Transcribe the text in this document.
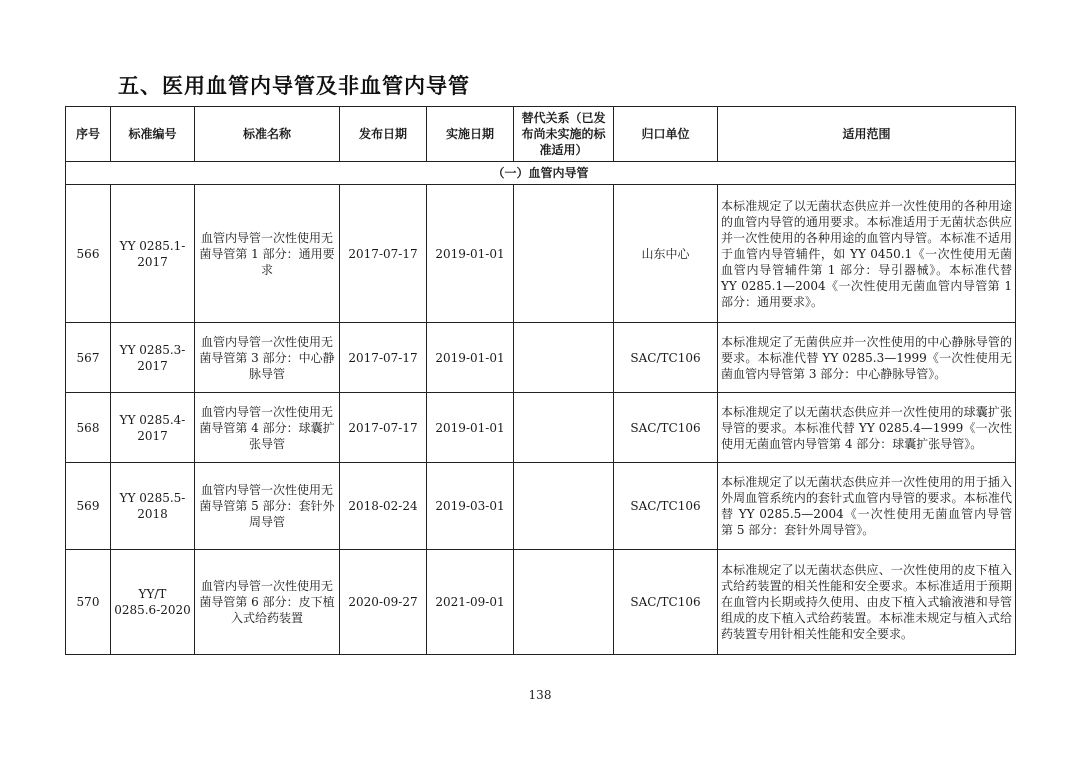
五、医用血管内导管及非血管内导管
序号	标准编号	标准名称	发布日期	实施日期	替代关系（已发布尚未实施的标准适用）	归口单位	适用范围
（一）血管内导管							
566	YY 0285.1-2017	血管内导管一次性使用无菌导管第 1 部分：通用要求	2017-07-17	2019-01-01		山东中心	本标准规定了以无菌状态供应并一次性使用的各种用途的血管内导管的通用要求。本标准适用于无菌状态供应并一次性使用的各种用途的血管内导管。本标准不适用于血管内导管辅件，如 YY 0450.1《一次性使用无菌血管内导管辅件第 1 部分：导引器械》。本标准代替 YY 0285.1—2004《一次性使用无菌血管内导管第 1 部分：通用要求》。
567	YY 0285.3-2017	血管内导管一次性使用无菌导管第 3 部分：中心静脉导管	2017-07-17	2019-01-01		SAC/TC106	本标准规定了无菌供应并一次性使用的中心静脉导管的要求。本标准代替 YY 0285.3—1999《一次性使用无菌血管内导管第 3 部分：中心静脉导管》。
568	YY 0285.4-2017	血管内导管一次性使用无菌导管第 4 部分：球囊扩张导管	2017-07-17	2019-01-01		SAC/TC106	本标准规定了以无菌状态供应并一次性使用的球囊扩张导管的要求。本标准代替 YY 0285.4—1999《一次性使用无菌血管内导管第 4 部分：球囊扩张导管》。
569	YY 0285.5-2018	血管内导管一次性使用无菌导管第 5 部分：套针外周导管	2018-02-24	2019-03-01		SAC/TC106	本标准规定了以无菌状态供应并一次性使用的用于插入外周血管系统内的套针式血管内导管的要求。本标准代替 YY 0285.5—2004《一次性使用无菌血管内导管 第 5 部分：套针外周导管》。
570	YY/T 0285.6-2020	血管内导管一次性使用无菌导管第 6 部分：皮下植入式给药装置	2020-09-27	2021-09-01		SAC/TC106	本标准规定了以无菌状态供应、一次性使用的皮下植入式给药装置的相关性能和安全要求。本标准适用于预期在血管内长期或持久使用、由皮下植入式输液港和导管组成的皮下植入式给药装置。本标准未规定与植入式给药装置专用针相关性能和安全要求。
138
